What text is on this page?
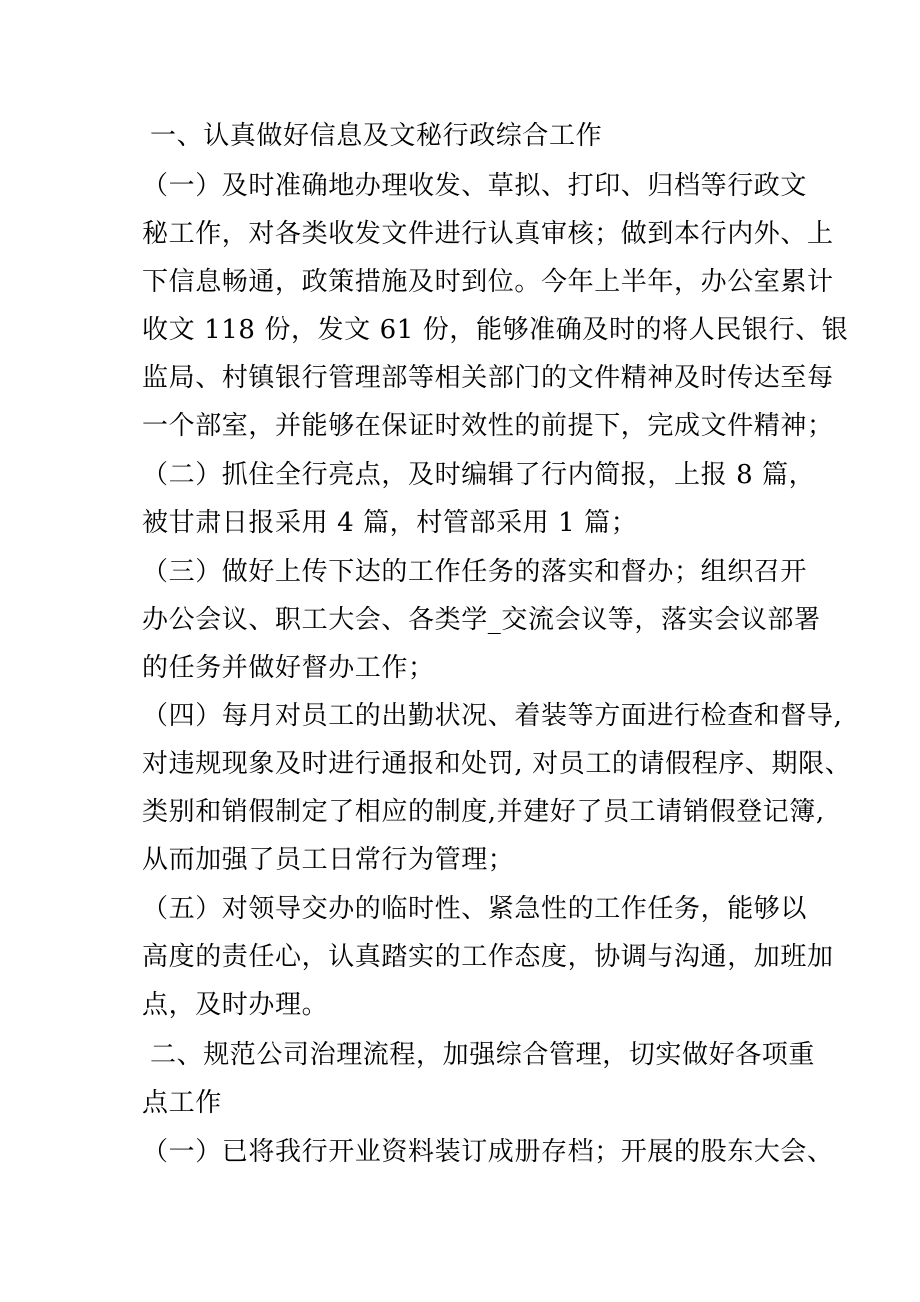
一、认真做好信息及文秘行政综合工作
（一）及时准确地办理收发、草拟、打印、归档等行政文
秘工作，对各类收发文件进行认真审核；做到本行内外、上
下信息畅通，政策措施及时到位。今年上半年，办公室累计
收文 118 份，发文 61 份，能够准确及时的将人民银行、银
监局、村镇银行管理部等相关部门的文件精神及时传达至每
一个部室，并能够在保证时效性的前提下，完成文件精神；
（二）抓住全行亮点，及时编辑了行内简报，上报 8 篇，
被甘肃日报采用 4 篇，村管部采用 1 篇；
（三）做好上传下达的工作任务的落实和督办；组织召开
办公会议、职工大会、各类学_交流会议等，落实会议部署
的任务并做好督办工作；
（四）每月对员工的出勤状况、着装等方面进行检查和督导,
对违规现象及时进行通报和处罚, 对员工的请假程序、期限、
类别和销假制定了相应的制度,并建好了员工请销假登记簿,
从而加强了员工日常行为管理；
（五）对领导交办的临时性、紧急性的工作任务，能够以
高度的责任心，认真踏实的工作态度，协调与沟通，加班加
点，及时办理。
二、规范公司治理流程，加强综合管理，切实做好各项重
点工作
（一）已将我行开业资料装订成册存档；开展的股东大会、
